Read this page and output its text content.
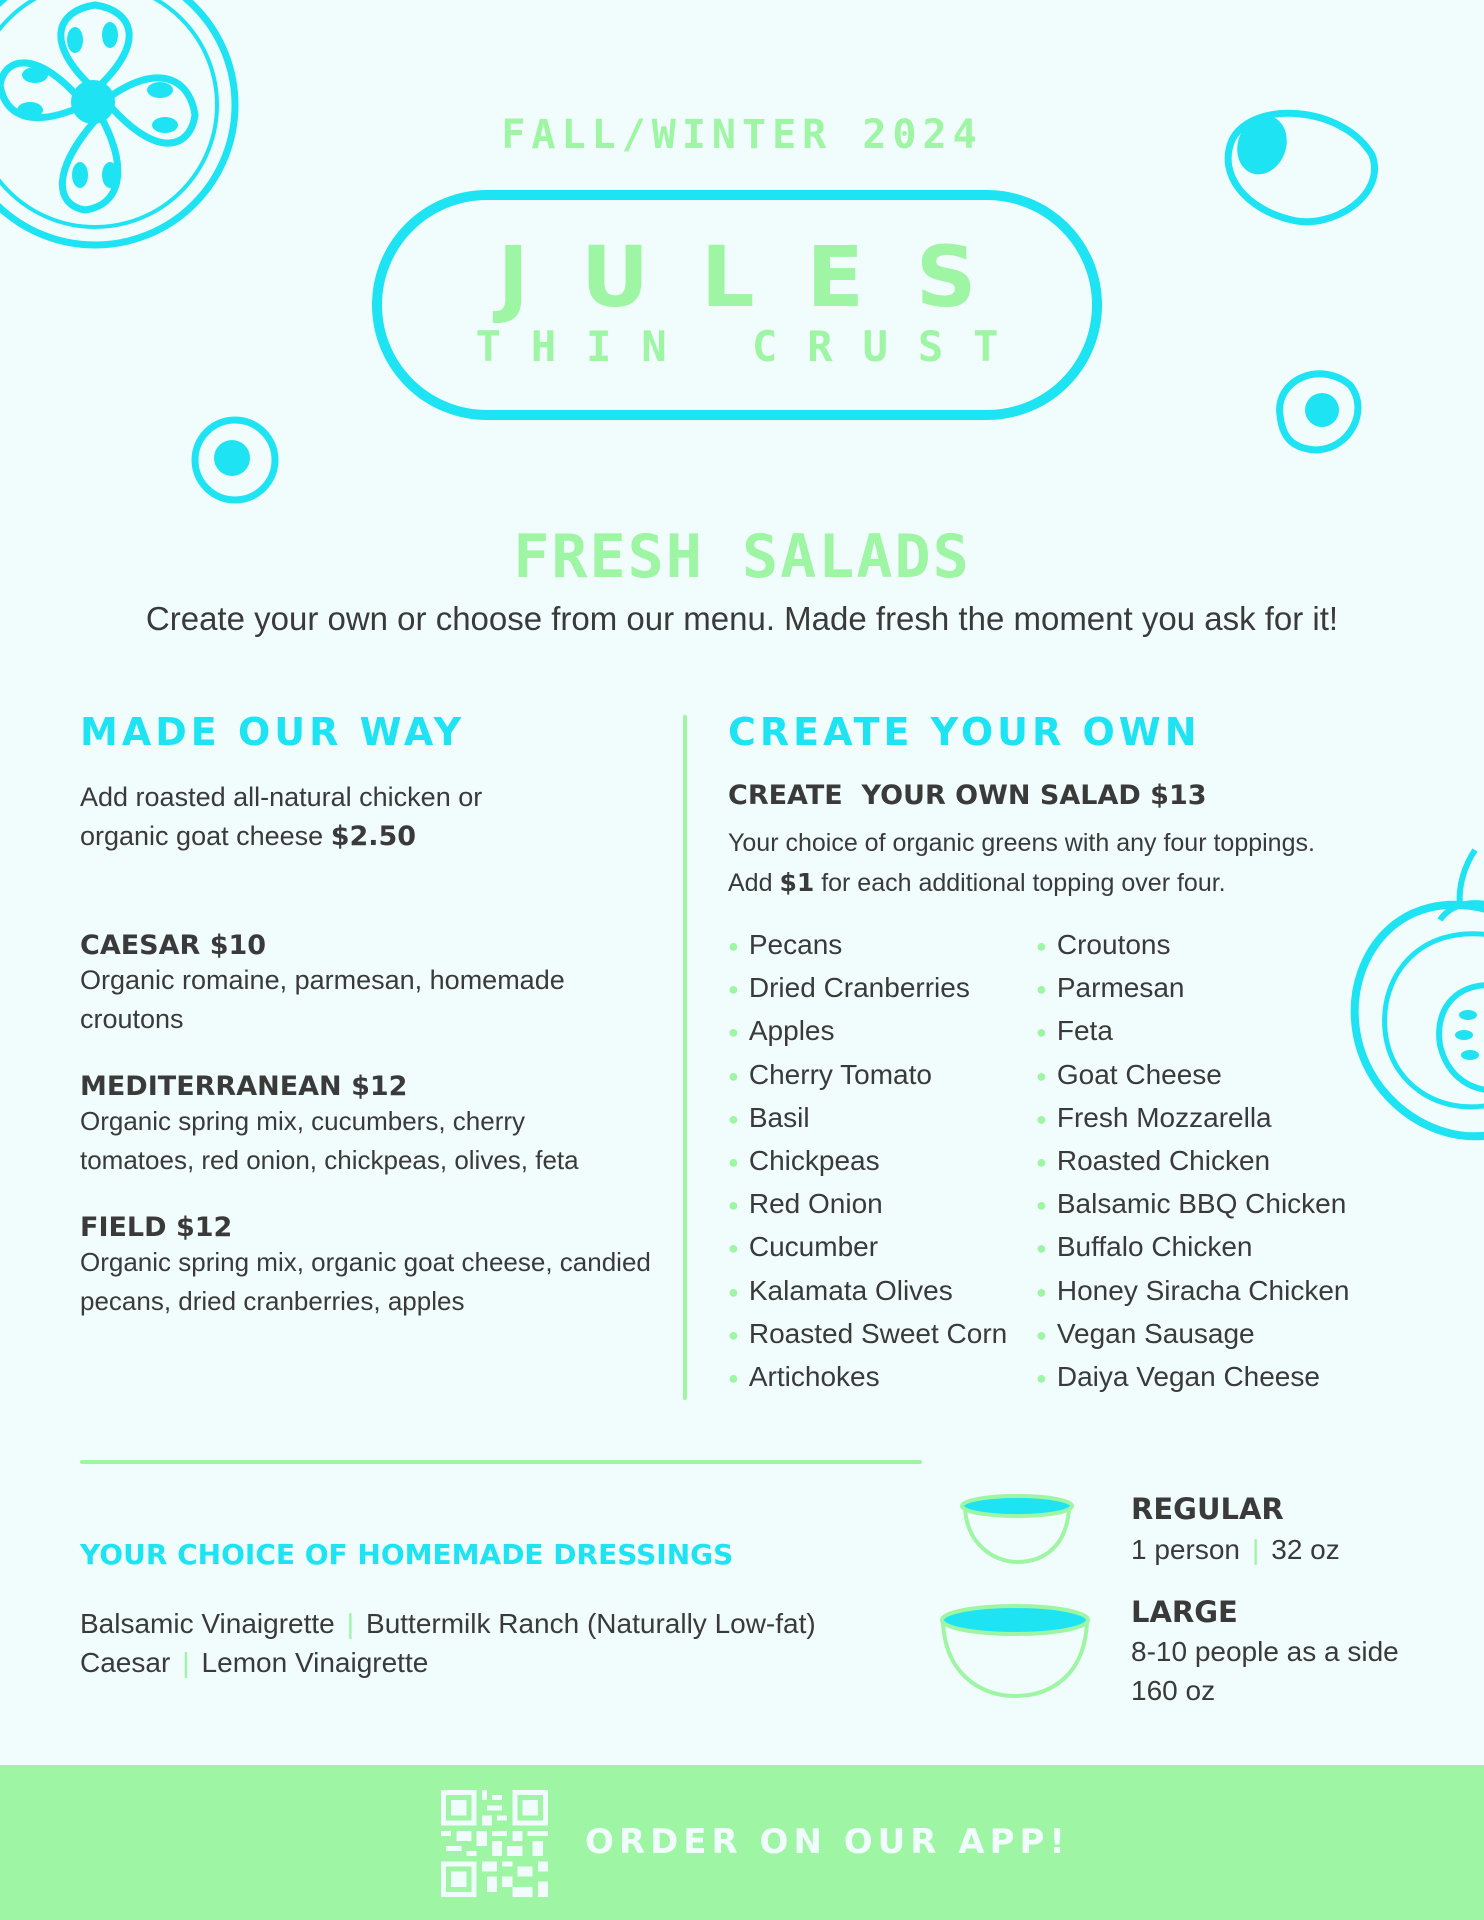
FALL/WINTER 2024
JULES
THIN CRUST
FRESH SALADS
Create your own or choose from our menu. Made fresh the moment you ask for it!
MADE OUR WAY
Add roasted all-natural chicken or
organic goat cheese $2.50
CAESAR $10
Organic romaine, parmesan, homemade
croutons
MEDITERRANEAN $12
Organic spring mix, cucumbers, cherry
tomatoes, red onion, chickpeas, olives, feta
FIELD $12
Organic spring mix, organic goat cheese, candied
pecans, dried cranberries, apples
CREATE YOUR OWN
CREATE  YOUR OWN SALAD $13
Your choice of organic greens with any four toppings.
Add $1 for each additional topping over four.
● Pecans
● Dried Cranberries
● Apples
● Cherry Tomato
● Basil
● Chickpeas
● Red Onion
● Cucumber
● Kalamata Olives
● Roasted Sweet Corn
● Artichokes
● Croutons
● Parmesan
● Feta
● Goat Cheese
● Fresh Mozzarella
● Roasted Chicken
● Balsamic BBQ Chicken
● Buffalo Chicken
● Honey Siracha Chicken
● Vegan Sausage
● Daiya Vegan Cheese
YOUR CHOICE OF HOMEMADE DRESSINGS
Balsamic Vinaigrette | Buttermilk Ranch (Naturally Low-fat)
Caesar | Lemon Vinaigrette
REGULAR
1 person | 32 oz
LARGE
8-10 people as a side
160 oz
ORDER ON OUR APP!
